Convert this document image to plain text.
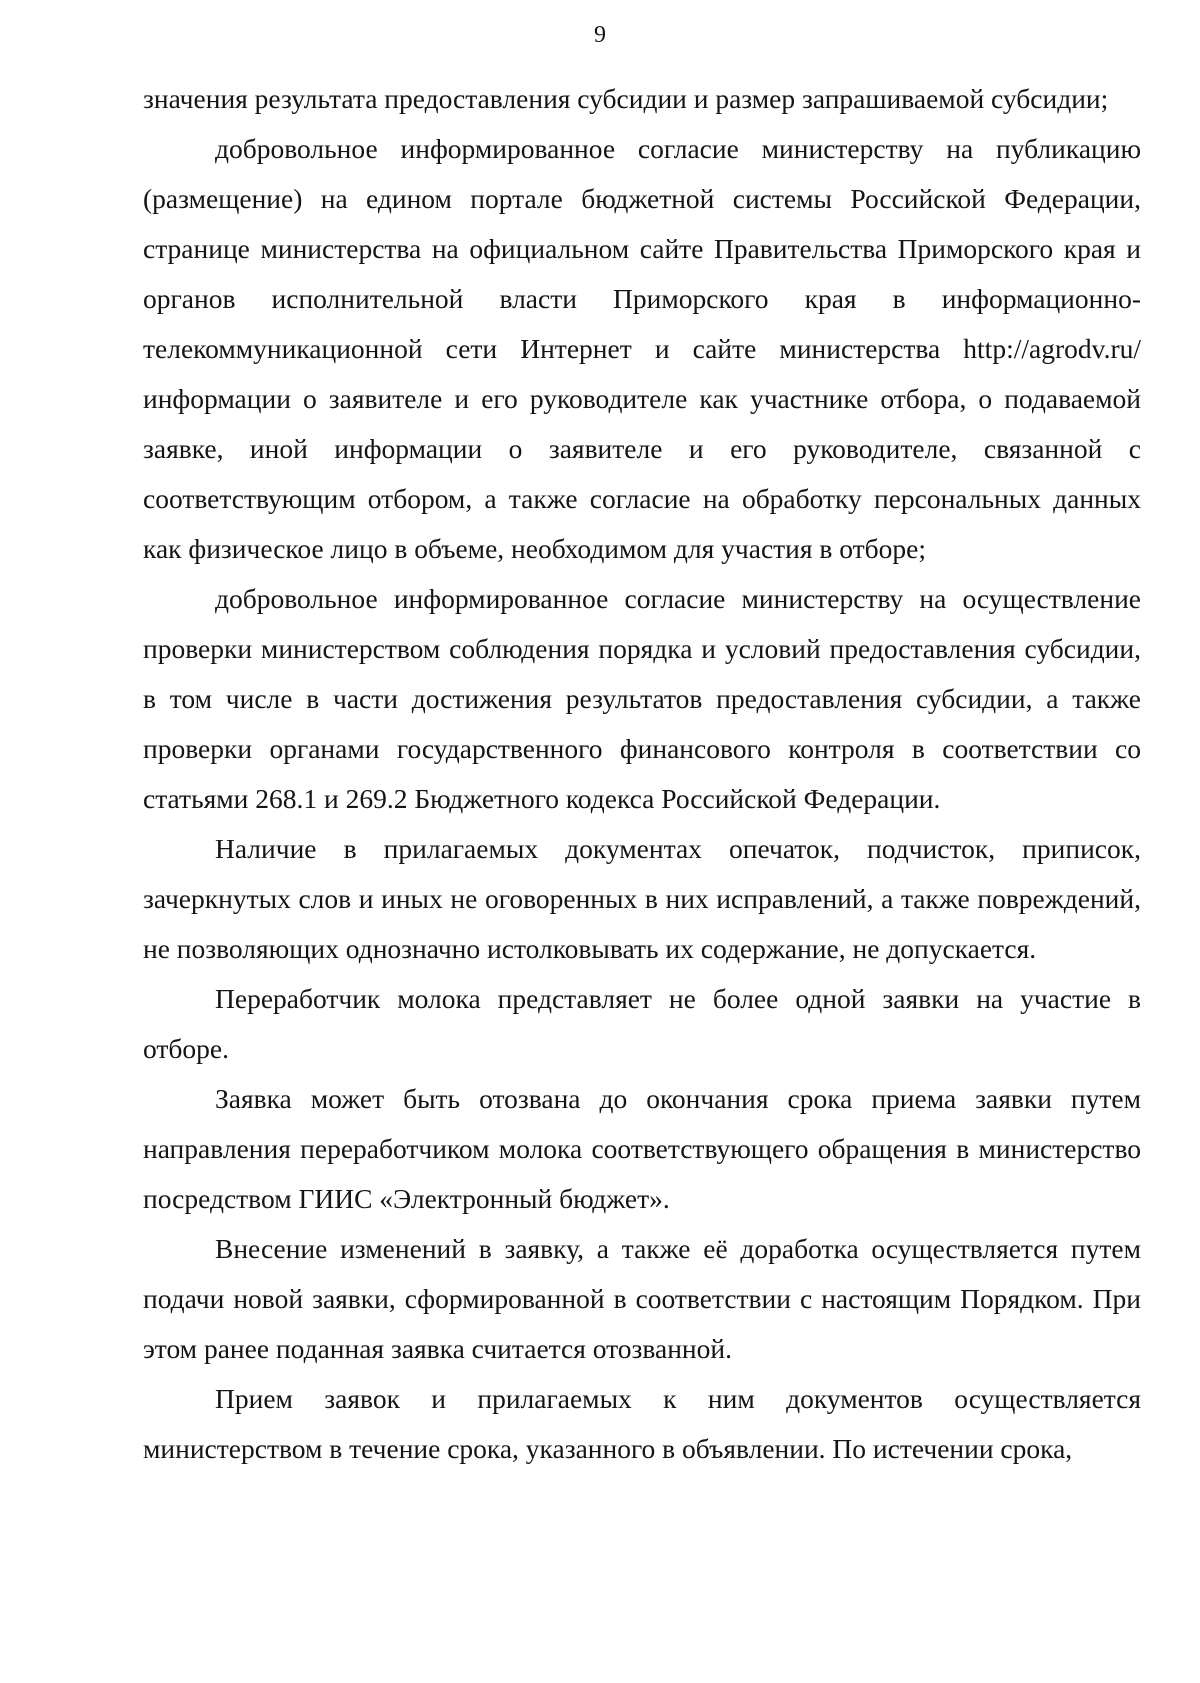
9

значения результата предоставления субсидии и размер запрашиваемой субсидии;

добровольное информированное согласие министерству на публикацию (размещение) на едином портале бюджетной системы Российской Федерации, странице министерства на официальном сайте Правительства Приморского края и органов исполнительной власти Приморского края в информационно-телекоммуникационной сети Интернет и сайте министерства http://agrodv.ru/ информации о заявителе и его руководителе как участнике отбора, о подаваемой заявке, иной информации о заявителе и его руководителе, связанной с соответствующим отбором, а также согласие на обработку персональных данных как физическое лицо в объеме, необходимом для участия в отборе;

добровольное информированное согласие министерству на осуществление проверки министерством соблюдения порядка и условий предоставления субсидии, в том числе в части достижения результатов предоставления субсидии, а также проверки органами государственного финансового контроля в соответствии со статьями 268.1 и 269.2 Бюджетного кодекса Российской Федерации.

Наличие в прилагаемых документах опечаток, подчисток, приписок, зачеркнутых слов и иных не оговоренных в них исправлений, а также повреждений, не позволяющих однозначно истолковывать их содержание, не допускается.

Переработчик молока представляет не более одной заявки на участие в отборе.

Заявка может быть отозвана до окончания срока приема заявки путем направления переработчиком молока соответствующего обращения в министерство посредством ГИИС «Электронный бюджет».

Внесение изменений в заявку, а также её доработка осуществляется путем подачи новой заявки, сформированной в соответствии с настоящим Порядком. При этом ранее поданная заявка считается отозванной.

Прием заявок и прилагаемых к ним документов осуществляется министерством в течение срока, указанного в объявлении. По истечении срока,
